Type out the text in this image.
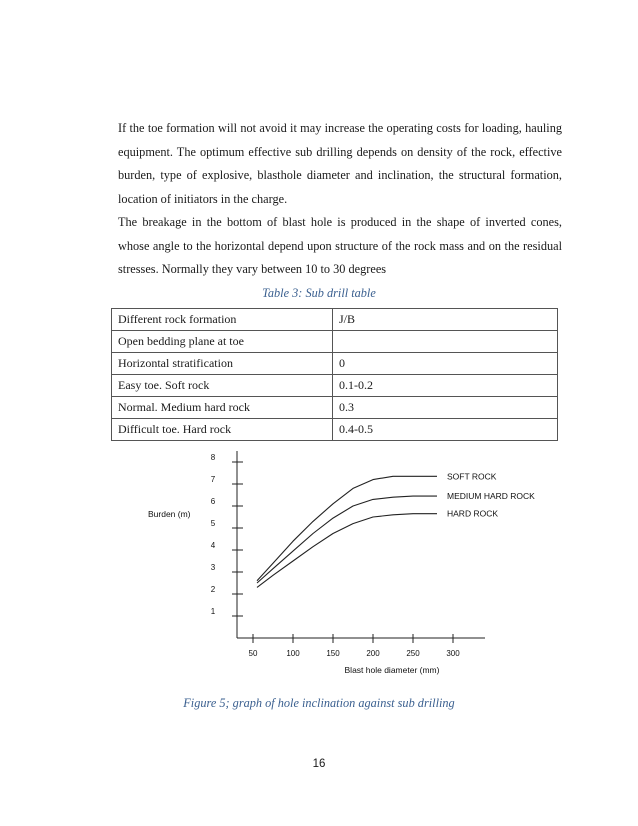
If the toe formation will not avoid it may increase the operating costs for loading, hauling equipment. The optimum effective sub drilling depends on density of the rock, effective burden, type of explosive, blasthole diameter and inclination, the structural formation, location of initiators in the charge.

The breakage in the bottom of blast hole is produced in the shape of inverted cones, whose angle to the horizontal depend upon structure of the rock mass and on the residual stresses. Normally they vary between 10 to 30 degrees

Table 3: Sub drill table
Different rock formation	J/B
Open bedding plane at toe	
Horizontal stratification	0
Easy toe. Soft rock	0.1-0.2
Normal. Medium hard rock	0.3
Difficult toe. Hard rock	0.4-0.5
1
2
3
4
5
6
7
8
50	100	150	200	250	300
SOFT ROCK
MEDIUM HARD ROCK
HARD ROCK
Burden (m)
Blast hole diameter (mm)
Figure 5; graph of hole inclination against sub drilling
16
